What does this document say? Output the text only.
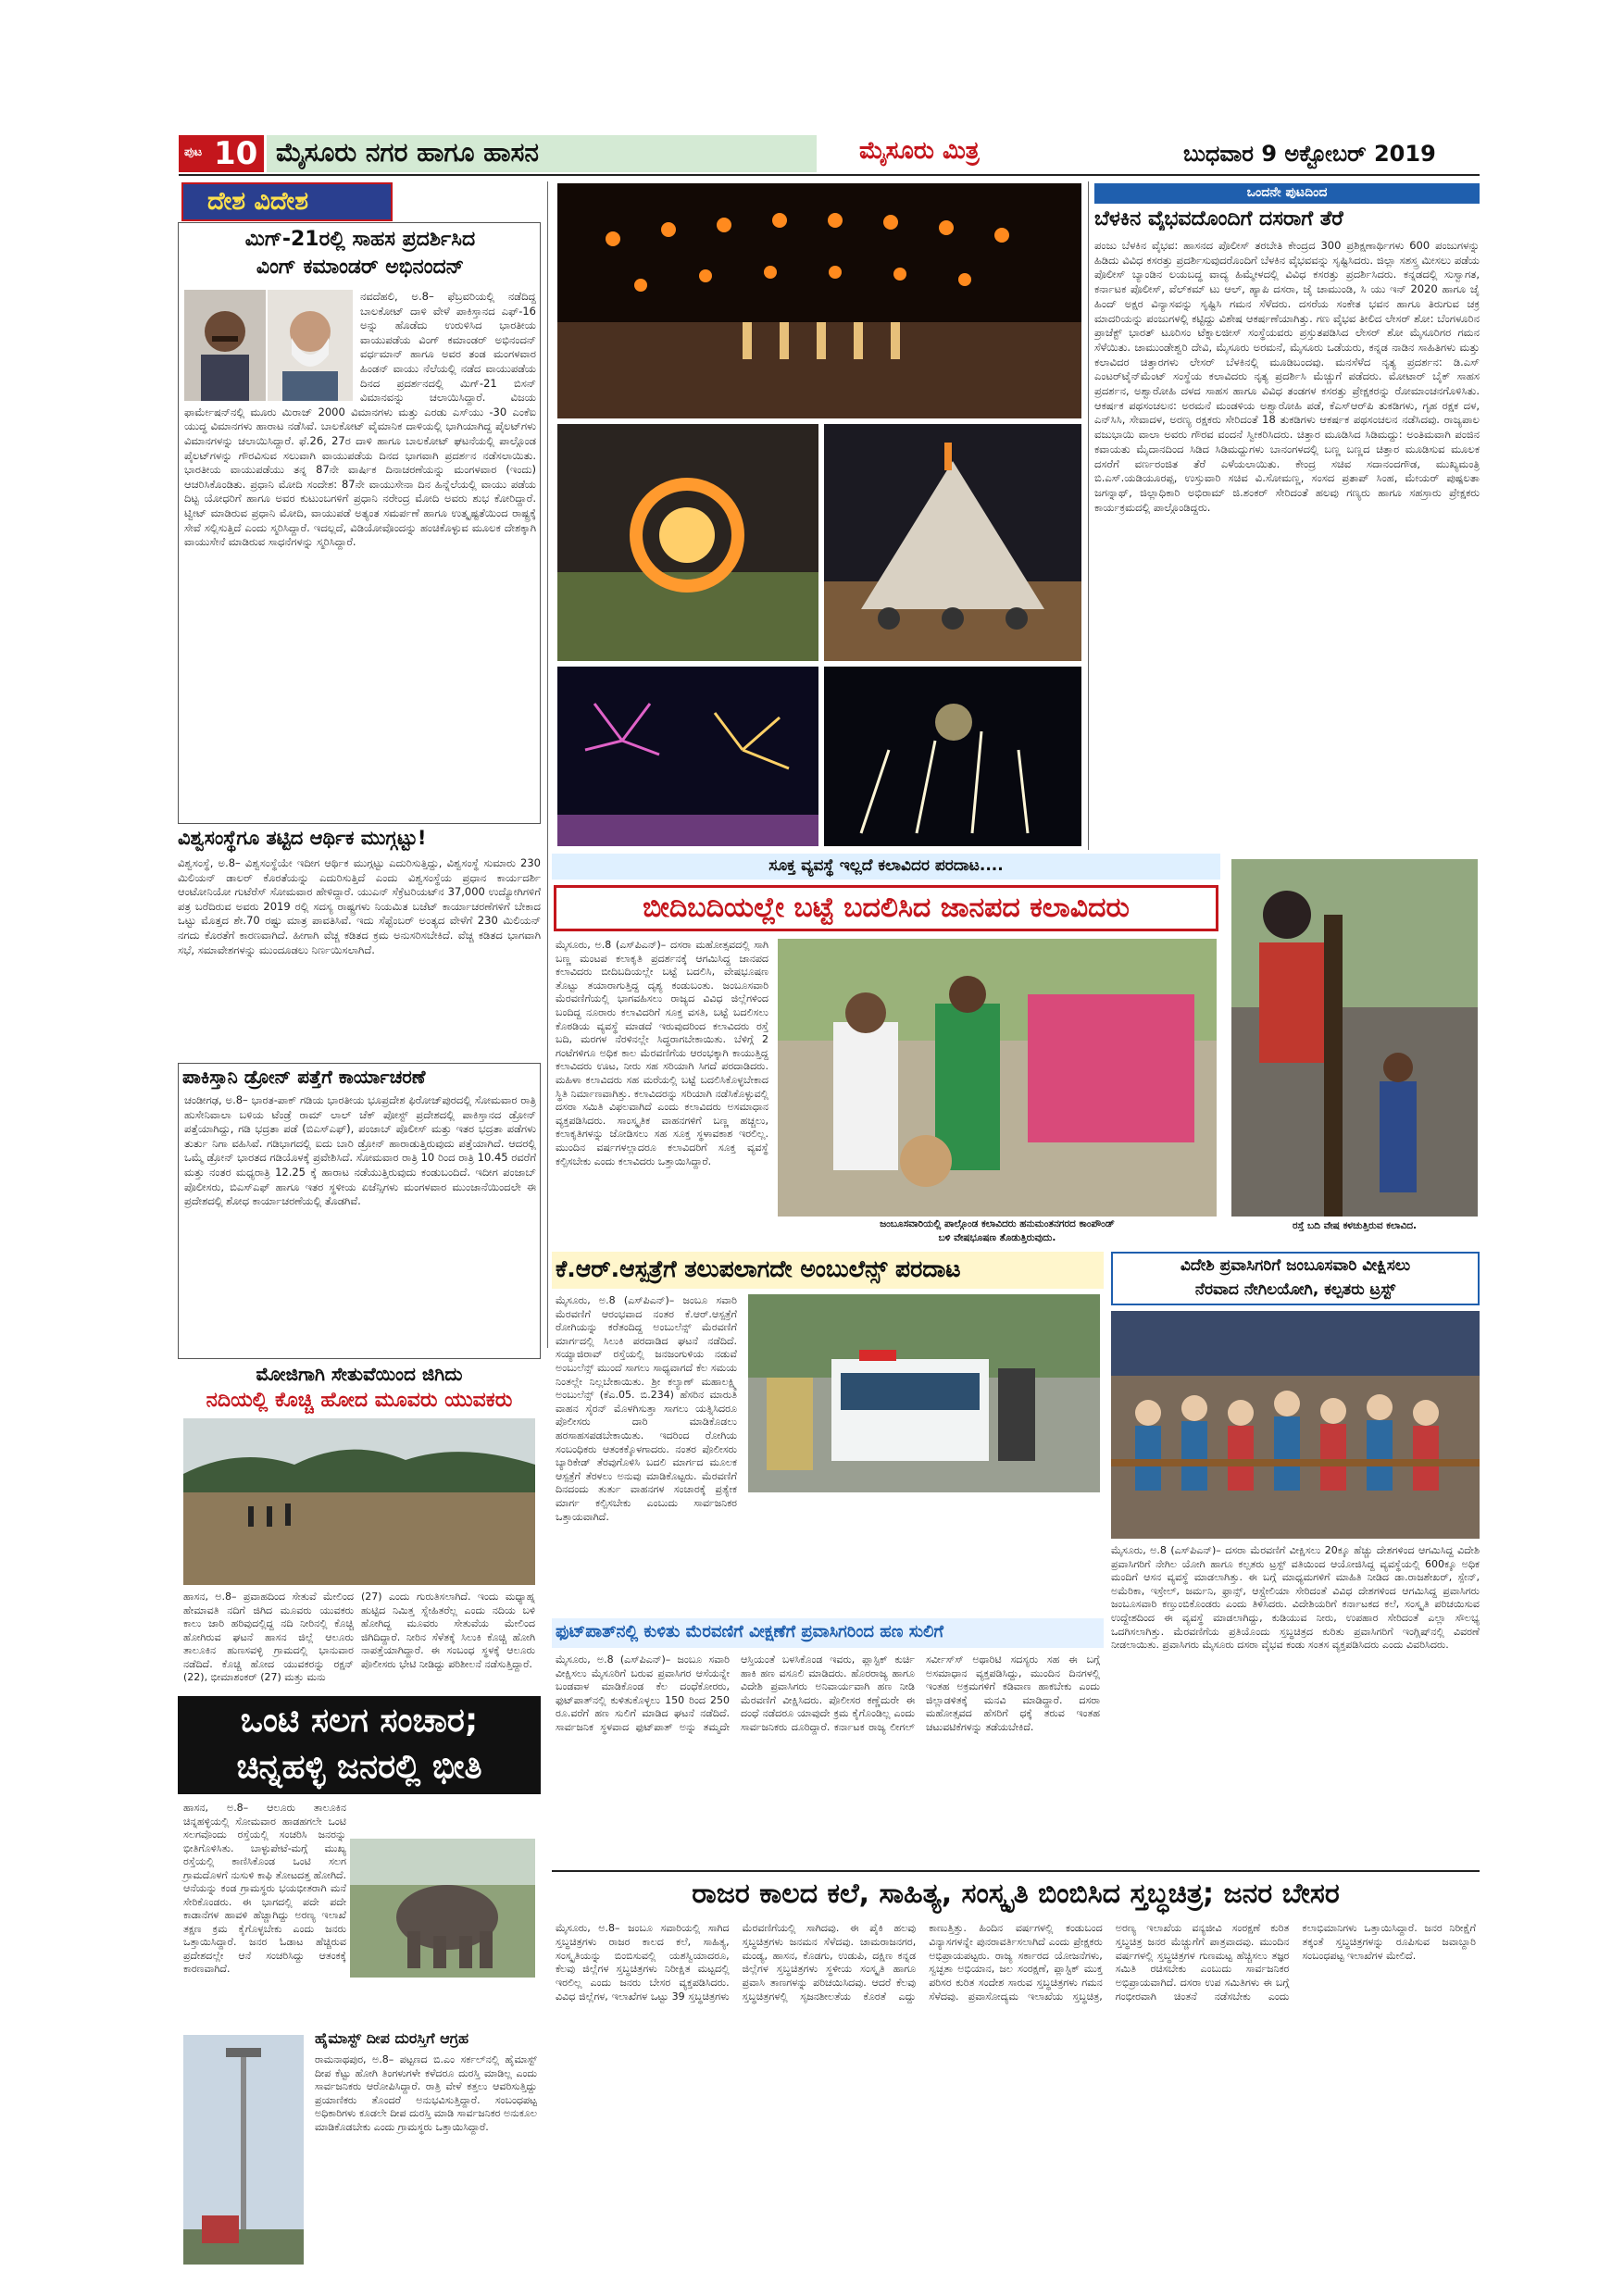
ಪುಟ 10 ಮೈಸೂರು ನಗರ ಹಾಗೂ ಹಾಸನ	ಮೈಸೂರು ಮಿತ್ರ	ಬುಧವಾರ 9 ಅಕ್ಟೋಬರ್ 2019
ದೇಶ ವಿದೇಶ
ಮಿಗ್-21ರಲ್ಲಿ ಸಾಹಸ ಪ್ರದರ್ಶಿಸಿದ
ವಿಂಗ್ ಕಮಾಂಡರ್ ಅಭಿನಂದನ್
ನವದೆಹಲಿ, ಅ.8– ಫೆಬ್ರವರಿಯಲ್ಲಿ ನಡೆದಿದ್ದ ಬಾಲಕೋಟ್ ದಾಳಿ ವೇಳೆ ಪಾಕಿಸ್ತಾನದ ಎಫ್-16 ಅನ್ನು ಹೊಡೆದು ಉರುಳಿಸಿದ ಭಾರತೀಯ ವಾಯುಪಡೆಯ ವಿಂಗ್ ಕಮಾಂಡರ್ ಅಭಿನಂದನ್ ವರ್ಧಮಾನ್ ಹಾಗೂ ಅವರ ತಂಡ ಮಂಗಳವಾರ ಹಿಂಡನ್ ವಾಯು ನೆಲೆಯಲ್ಲಿ ನಡೆದ ವಾಯುಪಡೆಯ ದಿನದ ಪ್ರದರ್ಶನದಲ್ಲಿ ಮಿಗ್-21 ಬಿಸನ್ ವಿಮಾನವನ್ನು ಚಲಾಯಿಸಿದ್ದಾರೆ. ವಿಜಯ ಫಾರ್ಮೇಷನ್‌ನಲ್ಲಿ ಮೂರು ಮಿರಾಜ್ 2000 ವಿಮಾನಗಳು ಮತ್ತು ಎರಡು ಎಸ್‌ಯು -30 ಎಂಕೆಐ ಯುದ್ಧ ವಿಮಾನಗಳು ಹಾರಾಟ ನಡೆಸಿವೆ. ಬಾಲಕೋಟ್ ವೈಮಾನಿಕ ದಾಳಿಯಲ್ಲಿ ಭಾಗಿಯಾಗಿದ್ದ ಪೈಲಟ್‌ಗಳು ವಿಮಾನಗಳನ್ನು ಚಲಾಯಿಸಿದ್ದಾರೆ. ಫೆ.26, 27ರ ದಾಳಿ ಹಾಗೂ ಬಾಲಕೋಟ್ ಘಟನೆಯಲ್ಲಿ ಪಾಲ್ಗೊಂಡ ಪೈಲಟ್‌ಗಳನ್ನು ಗೌರವಿಸುವ ಸಲುವಾಗಿ ವಾಯುಪಡೆಯ ದಿನದ ಭಾಗವಾಗಿ ಪ್ರದರ್ಶನ ನಡೆಸಲಾಯಿತು. ಭಾರತೀಯ ವಾಯುಪಡೆಯು ತನ್ನ 87ನೇ ವಾರ್ಷಿಕ ದಿನಾಚರಣೆಯನ್ನು ಮಂಗಳವಾರ (ಇಂದು) ಆಚರಿಸಿಕೊಂಡಿತು. ಪ್ರಧಾನಿ ಮೋದಿ ಸಂದೇಶ: 87ನೇ ವಾಯುಸೇನಾ ದಿನ ಹಿನ್ನೆಲೆಯಲ್ಲಿ ವಾಯು ಪಡೆಯ ದಿಟ್ಟ ಯೋಧರಿಗೆ ಹಾಗೂ ಅವರ ಕುಟುಂಬಗಳಿಗೆ ಪ್ರಧಾನಿ ನರೇಂದ್ರ ಮೋದಿ ಅವರು ಶುಭ ಕೋರಿದ್ದಾರೆ. ಟ್ವೀಟ್ ಮಾಡಿರುವ ಪ್ರಧಾನಿ ಮೋದಿ, ವಾಯುಪಡೆ ಅತ್ಯಂತ ಸಮರ್ಪಣೆ ಹಾಗೂ ಉತ್ಕೃಷ್ಟತೆಯಿಂದ ರಾಷ್ಟ್ರಕ್ಕೆ ಸೇವೆ ಸಲ್ಲಿಸುತ್ತಿದೆ ಎಂದು ಸ್ಮರಿಸಿದ್ದಾರೆ. ಇದಲ್ಲದೆ, ವಿಡಿಯೋವೊಂದನ್ನು ಹಂಚಿಕೊಳ್ಳುವ ಮೂಲಕ ದೇಶಕ್ಕಾಗಿ ವಾಯುಸೇನೆ ಮಾಡಿರುವ ಸಾಧನೆಗಳನ್ನು ಸ್ಮರಿಸಿದ್ದಾರೆ.
ವಿಶ್ವಸಂಸ್ಥೆಗೂ ತಟ್ಟಿದ ಆರ್ಥಿಕ ಮುಗ್ಗಟ್ಟು!
ವಿಶ್ವಸಂಸ್ಥೆ, ಅ.8– ವಿಶ್ವಸಂಸ್ಥೆಯೇ ಇದೀಗ ಆರ್ಥಿಕ ಮುಗ್ಗಟ್ಟು ಎದುರಿಸುತ್ತಿದ್ದು, ವಿಶ್ವಸಂಸ್ಥೆ ಸುಮಾರು 230 ಮಿಲಿಯನ್ ಡಾಲರ್ ಕೊರತೆಯನ್ನು ಎದುರಿಸುತ್ತಿದೆ ಎಂದು ವಿಶ್ವಸಂಸ್ಥೆಯ ಪ್ರಧಾನ ಕಾರ್ಯದರ್ಶಿ ಆಂಟೋನಿಯೋ ಗುಟೆರೆಸ್ ಸೋಮವಾರ ಹೇಳಿದ್ದಾರೆ. ಯುಎನ್ ಸೆಕ್ರೆಟರಿಯಟ್‌ನ 37,000 ಉದ್ಯೋಗಿಗಳಿಗೆ ಪತ್ರ ಬರೆದಿರುವ ಅವರು 2019 ರಲ್ಲಿ ಸದಸ್ಯ ರಾಷ್ಟ್ರಗಳು ನಿಯಮಿತ ಬಜೆಟ್ ಕಾರ್ಯಾಚರಣೆಗಳಿಗೆ ಬೇಕಾದ ಒಟ್ಟು ಮೊತ್ತದ ಶೇ.70 ರಷ್ಟು ಮಾತ್ರ ಪಾವತಿಸಿವೆ. ಇದು ಸೆಪ್ಟೆಂಬರ್ ಅಂತ್ಯದ ವೇಳೆಗೆ 230 ಮಿಲಿಯನ್ ನಗದು ಕೊರತೆಗೆ ಕಾರಣವಾಗಿದೆ. ಹೀಗಾಗಿ ವೆಚ್ಚ ಕಡಿತದ ಕ್ರಮ ಅನುಸರಿಸಬೇಕಿದೆ. ವೆಚ್ಚ ಕಡಿತದ ಭಾಗವಾಗಿ ಸಭೆ, ಸಮಾವೇಶಗಳನ್ನು ಮುಂದೂಡಲು ನಿರ್ಣಯಿಸಲಾಗಿದೆ.
ಪಾಕಿಸ್ತಾನಿ ಡ್ರೋನ್ ಪತ್ತೆಗೆ ಕಾರ್ಯಾಚರಣೆ
ಚಂಡೀಗಢ, ಅ.8– ಭಾರತ-ಪಾಕ್ ಗಡಿಯ ಭಾರತೀಯ ಭೂಪ್ರದೇಶ ಫಿರೋಜ್‌ಪುರದಲ್ಲಿ ಸೋಮವಾರ ರಾತ್ರಿ ಹುಸೇನಿವಾಲಾ ಬಳಿಯ ಟೆಂಡ್ರೆ ರಾಮ್ ಲಾಲ್ ಚೆಕ್ ಪೋಸ್ಟ್ ಪ್ರದೇಶದಲ್ಲಿ ಪಾಕಿಸ್ತಾನದ ಡ್ರೋನ್ ಪತ್ತೆಯಾಗಿದ್ದು, ಗಡಿ ಭದ್ರತಾ ಪಡೆ (ಬಿಎಸ್‌ಎಫ್), ಪಂಜಾಬ್ ಪೊಲೀಸ್ ಮತ್ತು ಇತರ ಭದ್ರತಾ ಪಡೆಗಳು ತುರ್ತು ನಿಗಾ ವಹಿಸಿವೆ. ಗಡಿಭಾಗದಲ್ಲಿ ಐದು ಬಾರಿ ಡ್ರೋನ್ ಹಾರಾಡುತ್ತಿರುವುದು ಪತ್ತೆಯಾಗಿದೆ. ಆದರಲ್ಲಿ ಒಮ್ಮೆ ಡ್ರೋನ್ ಭಾರತದ ಗಡಿಯೊಳಕ್ಕೆ ಪ್ರವೇಶಿಸಿದೆ. ಸೋಮವಾರ ರಾತ್ರಿ 10 ರಿಂದ ರಾತ್ರಿ 10.45 ರವರೆಗೆ ಮತ್ತು ನಂತರ ಮಧ್ಯರಾತ್ರಿ 12.25 ಕ್ಕೆ ಹಾರಾಟ ನಡೆಯುತ್ತಿರುವುದು ಕಂಡುಬಂದಿದೆ. ಇದೀಗ ಪಂಜಾಬ್ ಪೊಲೀಸರು, ಬಿಎಸ್‌ಎಫ್ ಹಾಗೂ ಇತರ ಸ್ಥಳೀಯ ಏಜೆನ್ಸಿಗಳು ಮಂಗಳವಾರ ಮುಂಜಾನೆಯಿಂದಲೇ ಈ ಪ್ರದೇಶದಲ್ಲಿ ಶೋಧ ಕಾರ್ಯಾಚರಣೆಯಲ್ಲಿ ತೊಡಗಿವೆ.
ಮೋಜಿಗಾಗಿ ಸೇತುವೆಯಿಂದ ಜಿಗಿದು
ನದಿಯಲ್ಲಿ ಕೊಚ್ಚಿ ಹೋದ ಮೂವರು ಯುವಕರು
ಹಾಸನ, ಅ.8– ಪ್ರವಾಹದಿಂದ ಸೇತುವೆ ಮೇಲಿಂದ ಹೇಮಾವತಿ ನದಿಗೆ ಜಿಗಿದ ಮೂವರು ಯುವಕರು ಕಾಲು ಜಾರಿ ಹರಿವುದಲ್ಲಿದ್ದ ನದಿ ನೀರಿನಲ್ಲಿ ಕೊಚ್ಚಿ ಹೋಗಿರುವ ಘಟನೆ ಹಾಸನ ಜಿಲ್ಲೆ ಆಲೂರು ತಾಲೂಕಿನ ಹುಣಸವಳ್ಳಿ ಗ್ರಾಮದಲ್ಲಿ ಭಾನುವಾರ ನಡೆದಿದೆ. ಕೊಚ್ಚಿ ಹೋದ ಯುವಕರನ್ನು ರಕ್ಷನ್ (22), ಭೀಮಾಶಂಕರ್ (27) ಮತ್ತು ಮನು
(27) ಎಂದು ಗುರುತಿಸಲಾಗಿದೆ. ಇಂದು ಮಧ್ಯಾಹ್ನ ಹುಟ್ಟಿದ ನಿಮಿತ್ತ ಸ್ನೇಹಿತರೆಲ್ಲ ಎಂದು ನದಿಯ ಬಳಿ ಹೋಗಿದ್ದ ಮೂವರು ಸೇತುವೆಯ ಮೇಲಿಂದ ಜಿಗಿದಿದ್ದಾರೆ. ನೀರಿನ ಸೆಳೆತಕ್ಕೆ ಸಿಲುಕಿ ಕೊಚ್ಚಿ ಹೋಗಿ ನಾಪತ್ತೆಯಾಗಿದ್ದಾರೆ. ಈ ಸಂಬಂಧ ಸ್ಥಳಕ್ಕೆ ಆಲೂರು ಪೊಲೀಸರು ಭೇಟಿ ನೀಡಿದ್ದು ಪರಿಶೀಲನೆ ನಡೆಸುತ್ತಿದ್ದಾರೆ.
ಒಂಟಿ ಸಲಗ ಸಂಚಾರ;
ಚಿನ್ನಹಳ್ಳಿ ಜನರಲ್ಲಿ ಭೀತಿ
ಹಾಸನ, ಅ.8– ಆಲೂರು ತಾಲೂಕಿನ ಚಿನ್ನಹಳ್ಳಿಯಲ್ಲಿ ಸೋಮವಾರ ಹಾಡಹಗಲೇ ಒಂಟಿ ಸಲಗವೊಂದು ರಸ್ತೆಯಲ್ಲಿ ಸಂಚರಿಸಿ ಜನರನ್ನು ಭೀತಿಗೊಳಿಸಿತು. ಬಾಳ್ಳುಪೇಟೆ-ಮಗ್ಗೆ ಮುಖ್ಯ ರಸ್ತೆಯಲ್ಲಿ ಕಾಣಿಸಿಕೊಂಡ ಒಂಟಿ ಸಲಗ ಗ್ರಾಮದೊಳಗೆ ನುಸುಳಿ ಕಾಫಿ ತೋಟದತ್ತ ಹೋಗಿದೆ. ಆನೆಯನ್ನು ಕಂಡ ಗ್ರಾಮಸ್ಥರು ಭಯಭೀತರಾಗಿ ಮನೆ ಸೇರಿಕೊಂಡರು. ಈ ಭಾಗದಲ್ಲಿ ಪದೇ ಪದೇ ಕಾಡಾನೆಗಳ ಹಾವಳಿ ಹೆಚ್ಚಾಗಿದ್ದು ಅರಣ್ಯ ಇಲಾಖೆ ತಕ್ಷಣ ಕ್ರಮ ಕೈಗೊಳ್ಳಬೇಕು ಎಂದು ಜನರು ಒತ್ತಾಯಿಸಿದ್ದಾರೆ. ಜನರ ಓಡಾಟ ಹೆಚ್ಚಿರುವ ಪ್ರದೇಶದಲ್ಲೇ ಆನೆ ಸಂಚರಿಸಿದ್ದು ಆತಂಕಕ್ಕೆ ಕಾರಣವಾಗಿದೆ.
ಹೈಮಾಸ್ಟ್ ದೀಪ ದುರಸ್ತಿಗೆ ಆಗ್ರಹ
ರಾಮನಾಥಪುರ, ಅ.8– ಪಟ್ಟಣದ ಬಿ.ಎಂ ಸರ್ಕಲ್‌ನಲ್ಲಿ ಹೈಮಾಸ್ಟ್ ದೀಪ ಕೆಟ್ಟು ಹೋಗಿ ತಿಂಗಳುಗಳೇ ಕಳೆದರೂ ದುರಸ್ತಿ ಮಾಡಿಲ್ಲ ಎಂದು ಸಾರ್ವಜನಿಕರು ಆರೋಪಿಸಿದ್ದಾರೆ. ರಾತ್ರಿ ವೇಳೆ ಕತ್ತಲು ಆವರಿಸುತ್ತಿದ್ದು ಪ್ರಯಾಣಿಕರು ತೊಂದರೆ ಅನುಭವಿಸುತ್ತಿದ್ದಾರೆ. ಸಂಬಂಧಪಟ್ಟ ಅಧಿಕಾರಿಗಳು ಕೂಡಲೇ ದೀಪ ದುರಸ್ತಿ ಮಾಡಿ ಸಾರ್ವಜನಿಕರ ಅನುಕೂಲ ಮಾಡಿಕೊಡಬೇಕು ಎಂದು ಗ್ರಾಮಸ್ಥರು ಒತ್ತಾಯಿಸಿದ್ದಾರೆ.
ಒಂದನೇ ಪುಟದಿಂದ
ಬೆಳಕಿನ ವೈಭವದೊಂದಿಗೆ ದಸರಾಗೆ ತೆರೆ
ಪಂಜು ಬೆಳಕಿನ ವೈಭವ: ಹಾಸನದ ಪೊಲೀಸ್ ತರಬೇತಿ ಕೇಂದ್ರದ 300 ಪ್ರಶಿಕ್ಷಣಾರ್ಥಿಗಳು 600 ಪಂಜುಗಳನ್ನು ಹಿಡಿದು ವಿವಿಧ ಕಸರತ್ತು ಪ್ರದರ್ಶಿಸುವುದರೊಂದಿಗೆ ಬೆಳಕಿನ ವೈಭವವನ್ನು ಸೃಷ್ಟಿಸಿದರು. ಜಿಲ್ಲಾ ಸಶಸ್ತ್ರ ಮೀಸಲು ಪಡೆಯ ಪೊಲೀಸ್ ಬ್ಯಾಂಡಿನ ಲಯಬದ್ಧ ವಾದ್ಯ ಹಿಮ್ಮೇಳದಲ್ಲಿ ವಿವಿಧ ಕಸರತ್ತು ಪ್ರದರ್ಶಿಸಿದರು. ಕನ್ನಡದಲ್ಲಿ ಸುಸ್ವಾಗತ, ಕರ್ನಾಟಕ ಪೊಲೀಸ್, ವೆಲ್‌ಕಮ್ ಟು ಆಲ್, ಹ್ಯಾಪಿ ದಸರಾ, ಜೈ ಚಾಮುಂಡಿ, ಸಿ ಯು ಇನ್ 2020 ಹಾಗೂ ಜೈ ಹಿಂದ್ ಅಕ್ಷರ ವಿನ್ಯಾಸವನ್ನು ಸೃಷ್ಟಿಸಿ ಗಮನ ಸೆಳೆದರು. ದಸರೆಯ ಸಂಕೇತ ಭವನ ಹಾಗೂ ತಿರುಗುವ ಚಕ್ರ ಮಾದರಿಯನ್ನು ಪಂಜುಗಳಲ್ಲಿ ಕಟ್ಟಿದ್ದು ವಿಶೇಷ ಆಕರ್ಷಣೆಯಾಗಿತ್ತು. ಗಣ ವೈಭವ ತೀಲಿದ ಲೇಸರ್ ಶೋ: ಬೆಂಗಳೂರಿನ ಪ್ರಾಜೆಕ್ಟ್ ಭಾರತ್ ಟೂರಿಸಂ ಟೆಕ್ನಾಲಜೀಸ್ ಸಂಸ್ಥೆಯವರು ಪ್ರಸ್ತುತಪಡಿಸಿದ ಲೇಸರ್ ಶೋ ಮೈಸೂರಿಗರ ಗಮನ ಸೆಳೆಯಿತು. ಚಾಮುಂಡೇಶ್ವರಿ ದೇವಿ, ಮೈಸೂರು ಅರಮನೆ, ಮೈಸೂರು ಒಡೆಯರು, ಕನ್ನಡ ನಾಡಿನ ಸಾಹಿತಿಗಳು ಮತ್ತು ಕಲಾವಿದರ ಚಿತ್ತಾರಗಳು ಲೇಸರ್ ಬೆಳಕಿನಲ್ಲಿ ಮೂಡಿಬಂದವು. ಮನಸೆಳೆದ ನೃತ್ಯ ಪ್ರದರ್ಶನ: ಡಿ.ಎಸ್ ಎಂಟರ್‌ಟೈನ್‌ಮೆಂಟ್ ಸಂಸ್ಥೆಯ ಕಲಾವಿದರು ನೃತ್ಯ ಪ್ರದರ್ಶಿಸಿ ಮೆಚ್ಚುಗೆ ಪಡೆದರು. ಮೋಟಾರ್ ಬೈಕ್ ಸಾಹಸ ಪ್ರದರ್ಶನ, ಅಶ್ವಾರೋಹಿ ದಳದ ಸಾಹಸ ಹಾಗೂ ವಿವಿಧ ತಂಡಗಳ ಕಸರತ್ತು ಪ್ರೇಕ್ಷಕರನ್ನು ರೋಮಾಂಚನಗೊಳಿಸಿತು. ಆಕರ್ಷಕ ಪಥಸಂಚಲನ: ಅರಮನೆ ಮಂಡಳಿಯ ಅಶ್ವಾರೋಹಿ ಪಡೆ, ಕೆಎಸ್‌ಆರ್‌ಪಿ ತುಕಡಿಗಳು, ಗೃಹ ರಕ್ಷಕ ದಳ, ಎನ್‌ಸಿಸಿ, ಸೇವಾದಳ, ಅರಣ್ಯ ರಕ್ಷಕರು ಸೇರಿದಂತೆ 18 ತುಕಡಿಗಳು ಆಕರ್ಷಕ ಪಥಸಂಚಲನ ನಡೆಸಿದವು. ರಾಜ್ಯಪಾಲ ವಜುಭಾಯಿ ವಾಲಾ ಅವರು ಗೌರವ ವಂದನೆ ಸ್ವೀಕರಿಸಿದರು. ಚಿತ್ತಾರ ಮೂಡಿಸಿದ ಸಿಡಿಮದ್ದು: ಅಂತಿಮವಾಗಿ ಪಂಜಿನ ಕವಾಯತು ಮೈದಾನದಿಂದ ಸಿಡಿದ ಸಿಡಿಮದ್ದುಗಳು ಬಾನಂಗಳದಲ್ಲಿ ಬಣ್ಣ ಬಣ್ಣದ ಚಿತ್ತಾರ ಮೂಡಿಸುವ ಮೂಲಕ ದಸರೆಗೆ ವರ್ಣರಂಜಿತ ತೆರೆ ಎಳೆಯಲಾಯಿತು. ಕೇಂದ್ರ ಸಚಿವ ಸದಾನಂದಗೌಡ, ಮುಖ್ಯಮಂತ್ರಿ ಬಿ.ಎಸ್.ಯಡಿಯೂರಪ್ಪ, ಉಸ್ತುವಾರಿ ಸಚಿವ ವಿ.ಸೋಮಣ್ಣ, ಸಂಸದ ಪ್ರತಾಪ್ ಸಿಂಹ, ಮೇಯರ್ ಪುಷ್ಪಲತಾ ಜಗನ್ನಾಥ್, ಜಿಲ್ಲಾಧಿಕಾರಿ ಅಭಿರಾಮ್ ಜಿ.ಶಂಕರ್ ಸೇರಿದಂತೆ ಹಲವು ಗಣ್ಯರು ಹಾಗೂ ಸಹಸ್ರಾರು ಪ್ರೇಕ್ಷಕರು ಕಾರ್ಯಕ್ರಮದಲ್ಲಿ ಪಾಲ್ಗೊಂಡಿದ್ದರು.
ಸೂಕ್ತ ವ್ಯವಸ್ಥೆ ಇಲ್ಲದೆ ಕಲಾವಿದರ ಪರದಾಟ....
ಬೀದಿಬದಿಯಲ್ಲೇ ಬಟ್ಟೆ ಬದಲಿಸಿದ ಜಾನಪದ ಕಲಾವಿದರು
ಮೈಸೂರು, ಅ.8 (ಎಸ್‌ಪಿಎನ್)– ದಸರಾ ಮಹೋತ್ಸವದಲ್ಲಿ ಸಾಗಿ ಬಣ್ಣ ಮಂಟಪ ಕಲಾಕೃತಿ ಪ್ರದರ್ಶನಕ್ಕೆ ಆಗಮಿಸಿದ್ದ ಜಾನಪದ ಕಲಾವಿದರು ಬೀದಿಬದಿಯಲ್ಲೇ ಬಟ್ಟೆ ಬದಲಿಸಿ, ವೇಷಭೂಷಣ ತೊಟ್ಟು ತಯಾರಾಗುತ್ತಿದ್ದ ದೃಶ್ಯ ಕಂಡುಬಂತು. ಜಂಬೂಸವಾರಿ ಮೆರವಣಿಗೆಯಲ್ಲಿ ಭಾಗವಹಿಸಲು ರಾಜ್ಯದ ವಿವಿಧ ಜಿಲ್ಲೆಗಳಿಂದ ಬಂದಿದ್ದ ನೂರಾರು ಕಲಾವಿದರಿಗೆ ಸೂಕ್ತ ವಸತಿ, ಬಟ್ಟೆ ಬದಲಿಸಲು ಕೊಠಡಿಯ ವ್ಯವಸ್ಥೆ ಮಾಡದೆ ಇರುವುದರಿಂದ ಕಲಾವಿದರು ರಸ್ತೆ ಬದಿ, ಮರಗಳ ನೆರಳಿನಲ್ಲೇ ಸಿದ್ಧರಾಗಬೇಕಾಯಿತು. ಬೆಳಿಗ್ಗೆ 2 ಗಂಟೆಗಳಿಗೂ ಅಧಿಕ ಕಾಲ ಮೆರವಣಿಗೆಯ ಆರಂಭಕ್ಕಾಗಿ ಕಾಯುತ್ತಿದ್ದ ಕಲಾವಿದರು ಊಟ, ನೀರು ಸಹ ಸರಿಯಾಗಿ ಸಿಗದೆ ಪರದಾಡಿದರು. ಮಹಿಳಾ ಕಲಾವಿದರು ಸಹ ಮರೆಯಲ್ಲಿ ಬಟ್ಟೆ ಬದಲಿಸಿಕೊಳ್ಳಬೇಕಾದ ಸ್ಥಿತಿ ನಿರ್ಮಾಣವಾಗಿತ್ತು. ಕಲಾವಿದರನ್ನು ಸರಿಯಾಗಿ ನಡೆಸಿಕೊಳ್ಳುವಲ್ಲಿ ದಸರಾ ಸಮಿತಿ ವಿಫಲವಾಗಿದೆ ಎಂದು ಕಲಾವಿದರು ಅಸಮಾಧಾನ ವ್ಯಕ್ತಪಡಿಸಿದರು. ಸಾಂಸ್ಕೃತಿಕ ವಾಹನಗಳಿಗೆ ಬಣ್ಣ ಹಚ್ಚಲು, ಕಲಾಕೃತಿಗಳನ್ನು ಜೋಡಿಸಲು ಸಹ ಸೂಕ್ತ ಸ್ಥಳಾವಕಾಶ ಇರಲಿಲ್ಲ. ಮುಂದಿನ ವರ್ಷಗಳಲ್ಲಾದರೂ ಕಲಾವಿದರಿಗೆ ಸೂಕ್ತ ವ್ಯವಸ್ಥೆ ಕಲ್ಪಿಸಬೇಕು ಎಂದು ಕಲಾವಿದರು ಒತ್ತಾಯಿಸಿದ್ದಾರೆ.
ಜಂಬೂಸವಾರಿಯಲ್ಲಿ ಪಾಲ್ಗೊಂಡ ಕಲಾವಿದರು ಹನುಮಂತನಗರದ ಕಾಂಪೌಂಡ್
ಬಳಿ ವೇಷಭೂಷಣ ತೊಡುತ್ತಿರುವುದು.
ರಸ್ತೆ ಬದಿ ವೇಷ ಕಳಚುತ್ತಿರುವ ಕಲಾವಿದ.
ಕೆ.ಆರ್.ಆಸ್ಪತ್ರೆಗೆ ತಲುಪಲಾಗದೇ ಅಂಬುಲೆನ್ಸ್ ಪರದಾಟ
ಮೈಸೂರು, ಅ.8 (ಎಸ್‌ಪಿಎನ್)– ಜಂಬೂ ಸವಾರಿ ಮೆರವಣಿಗೆ ಆರಂಭವಾದ ನಂತರ ಕೆ.ಆರ್.ಆಸ್ಪತ್ರೆಗೆ ರೋಗಿಯನ್ನು ಕರೆತಂದಿದ್ದ ಅಂಬುಲೆನ್ಸ್ ಮೆರವಣಿಗೆ ಮಾರ್ಗದಲ್ಲಿ ಸಿಲುಕಿ ಪರದಾಡಿದ ಘಟನೆ ನಡೆದಿದೆ. ಸಯ್ಯಾಜಿರಾವ್ ರಸ್ತೆಯಲ್ಲಿ ಜನಜಂಗುಳಿಯ ನಡುವೆ ಅಂಬುಲೆನ್ಸ್ ಮುಂದೆ ಸಾಗಲು ಸಾಧ್ಯವಾಗದೆ ಕೆಲ ಸಮಯ ನಿಂತಲ್ಲೇ ನಿಲ್ಲಬೇಕಾಯಿತು. ಶ್ರೀ ಕಲ್ಯಾಣ್ ಮಹಾಲಕ್ಷ್ಮಿ ಅಂಬುಲೆನ್ಸ್ (ಕೆಎ.05. ಬಿ.234) ಹೆಸರಿನ ಮಾರುತಿ ವಾಹನ ಸೈರನ್ ಮೊಳಗಿಸುತ್ತಾ ಸಾಗಲು ಯತ್ನಿಸಿದರೂ ಪೊಲೀಸರು ದಾರಿ ಮಾಡಿಕೊಡಲು ಹರಸಾಹಸಪಡಬೇಕಾಯಿತು. ಇದರಿಂದ ರೋಗಿಯ ಸಂಬಂಧಿಕರು ಆತಂಕಕ್ಕೊಳಗಾದರು. ನಂತರ ಪೊಲೀಸರು ಬ್ಯಾರಿಕೇಡ್ ತೆರವುಗೊಳಿಸಿ ಬದಲಿ ಮಾರ್ಗದ ಮೂಲಕ ಆಸ್ಪತ್ರೆಗೆ ತೆರಳಲು ಅನುವು ಮಾಡಿಕೊಟ್ಟರು. ಮೆರವಣಿಗೆ ದಿನದಂದು ತುರ್ತು ವಾಹನಗಳ ಸಂಚಾರಕ್ಕೆ ಪ್ರತ್ಯೇಕ ಮಾರ್ಗ ಕಲ್ಪಿಸಬೇಕು ಎಂಬುದು ಸಾರ್ವಜನಿಕರ ಒತ್ತಾಯವಾಗಿದೆ.
ಫುಟ್‌ಪಾತ್‌ನಲ್ಲಿ ಕುಳಿತು ಮೆರವಣಿಗೆ ವೀಕ್ಷಣೆಗೆ ಪ್ರವಾಸಿಗರಿಂದ ಹಣ ಸುಲಿಗೆ
ಮೈಸೂರು, ಅ.8 (ಎಸ್‌ಪಿಎನ್)– ಜಂಬೂ ಸವಾರಿ ವೀಕ್ಷಿಸಲು ಮೈಸೂರಿಗೆ ಬರುವ ಪ್ರವಾಸಿಗರ ಆಸೆಯನ್ನೇ ಬಂಡವಾಳ ಮಾಡಿಕೊಂಡ ಕೆಲ ದಂಧೆಕೋರರು, ಫುಟ್‌ಪಾತ್‌ನಲ್ಲಿ ಕುಳಿತುಕೊಳ್ಳಲು 150 ರಿಂದ 250 ರೂ.ವರೆಗೆ ಹಣ ಸುಲಿಗೆ ಮಾಡಿದ ಘಟನೆ ನಡೆದಿದೆ. ಸಾರ್ವಜನಿಕ ಸ್ಥಳವಾದ ಫುಟ್‌ಪಾತ್ ಅನ್ನು ತಮ್ಮದೇ ಆಸ್ತಿಯಂತೆ ಬಳಸಿಕೊಂಡ ಇವರು, ಪ್ಲಾಸ್ಟಿಕ್ ಕುರ್ಚಿ ಹಾಕಿ ಹಣ ವಸೂಲಿ ಮಾಡಿದರು. ಹೊರರಾಜ್ಯ ಹಾಗೂ ವಿದೇಶಿ ಪ್ರವಾಸಿಗರು ಅನಿವಾರ್ಯವಾಗಿ ಹಣ ನೀಡಿ ಮೆರವಣಿಗೆ ವೀಕ್ಷಿಸಿದರು. ಪೊಲೀಸರ ಕಣ್ಣೆದುರೇ ಈ ದಂಧೆ ನಡೆದರೂ ಯಾವುದೇ ಕ್ರಮ ಕೈಗೊಂಡಿಲ್ಲ ಎಂದು ಸಾರ್ವಜನಿಕರು ದೂರಿದ್ದಾರೆ. ಕರ್ನಾಟಕ ರಾಜ್ಯ ಲೀಗಲ್ ಸರ್ವೀಸ್‌ಸ್ ಅಥಾರಿಟಿ ಸದಸ್ಯರು ಸಹ ಈ ಬಗ್ಗೆ ಅಸಮಾಧಾನ ವ್ಯಕ್ತಪಡಿಸಿದ್ದು, ಮುಂದಿನ ದಿನಗಳಲ್ಲಿ ಇಂತಹ ಅಕ್ರಮಗಳಿಗೆ ಕಡಿವಾಣ ಹಾಕಬೇಕು ಎಂದು ಜಿಲ್ಲಾಡಳಿತಕ್ಕೆ ಮನವಿ ಮಾಡಿದ್ದಾರೆ. ದಸರಾ ಮಹೋತ್ಸವದ ಹೆಸರಿಗೆ ಧಕ್ಕೆ ತರುವ ಇಂತಹ ಚಟುವಟಿಕೆಗಳನ್ನು ತಡೆಯಬೇಕಿದೆ.
ವಿದೇಶಿ ಪ್ರವಾಸಿಗರಿಗೆ ಜಂಬೂಸವಾರಿ ವೀಕ್ಷಿಸಲು
ನೆರವಾದ ನೇಗಿಲಯೋಗಿ, ಕಲ್ಪತರು ಟ್ರಸ್ಟ್
ಮೈಸೂರು, ಅ.8 (ಎಸ್‌ಪಿಎನ್)– ದಸರಾ ಮೆರವಣಿಗೆ ವೀಕ್ಷಿಸಲು 20ಕ್ಕೂ ಹೆಚ್ಚು ದೇಶಗಳಿಂದ ಆಗಮಿಸಿದ್ದ ವಿದೇಶಿ ಪ್ರವಾಸಿಗರಿಗೆ ನೇಗಿಲ ಯೋಗಿ ಹಾಗೂ ಕಲ್ಪತರು ಟ್ರಸ್ಟ್ ವತಿಯಿಂದ ಆಯೋಜಿಸಿದ್ದ ವ್ಯವಸ್ಥೆಯಲ್ಲಿ 600ಕ್ಕೂ ಅಧಿಕ ಮಂದಿಗೆ ಆಸನ ವ್ಯವಸ್ಥೆ ಮಾಡಲಾಗಿತ್ತು. ಈ ಬಗ್ಗೆ ಮಾಧ್ಯಮಗಳಿಗೆ ಮಾಹಿತಿ ನೀಡಿದ ಡಾ.ರಾಜಶೇಖರ್, ಸ್ಪೇನ್, ಅಮೆರಿಕಾ, ಇಸ್ರೇಲ್, ಜರ್ಮನಿ, ಫ್ರಾನ್ಸ್, ಆಸ್ಟ್ರೇಲಿಯಾ ಸೇರಿದಂತೆ ವಿವಿಧ ದೇಶಗಳಿಂದ ಆಗಮಿಸಿದ್ದ ಪ್ರವಾಸಿಗರು ಜಂಬೂಸವಾರಿ ಕಣ್ತುಂಬಿಕೊಂಡರು ಎಂದು ತಿಳಿಸಿದರು. ವಿದೇಶಿಯರಿಗೆ ಕರ್ನಾಟಕದ ಕಲೆ, ಸಂಸ್ಕೃತಿ ಪರಿಚಯಿಸುವ ಉದ್ದೇಶದಿಂದ ಈ ವ್ಯವಸ್ಥೆ ಮಾಡಲಾಗಿದ್ದು, ಕುಡಿಯುವ ನೀರು, ಉಪಹಾರ ಸೇರಿದಂತೆ ಎಲ್ಲಾ ಸೌಲಭ್ಯ ಒದಗಿಸಲಾಗಿತ್ತು. ಮೆರವಣಿಗೆಯ ಪ್ರತಿಯೊಂದು ಸ್ತಬ್ಧಚಿತ್ರದ ಕುರಿತು ಪ್ರವಾಸಿಗರಿಗೆ ಇಂಗ್ಲಿಷ್‌ನಲ್ಲಿ ವಿವರಣೆ ನೀಡಲಾಯಿತು. ಪ್ರವಾಸಿಗರು ಮೈಸೂರು ದಸರಾ ವೈಭವ ಕಂಡು ಸಂತಸ ವ್ಯಕ್ತಪಡಿಸಿದರು ಎಂದು ವಿವರಿಸಿದರು.
ರಾಜರ ಕಾಲದ ಕಲೆ, ಸಾಹಿತ್ಯ, ಸಂಸ್ಕೃತಿ ಬಿಂಬಿಸಿದ ಸ್ತಬ್ಧಚಿತ್ರ; ಜನರ ಬೇಸರ
ಮೈಸೂರು, ಅ.8– ಜಂಬೂ ಸವಾರಿಯಲ್ಲಿ ಸಾಗಿದ ಸ್ತಬ್ಧಚಿತ್ರಗಳು ರಾಜರ ಕಾಲದ ಕಲೆ, ಸಾಹಿತ್ಯ, ಸಂಸ್ಕೃತಿಯನ್ನು ಬಿಂಬಿಸುವಲ್ಲಿ ಯಶಸ್ವಿಯಾದರೂ, ಕೆಲವು ಜಿಲ್ಲೆಗಳ ಸ್ತಬ್ಧಚಿತ್ರಗಳು ನಿರೀಕ್ಷಿತ ಮಟ್ಟದಲ್ಲಿ ಇರಲಿಲ್ಲ ಎಂದು ಜನರು ಬೇಸರ ವ್ಯಕ್ತಪಡಿಸಿದರು. ವಿವಿಧ ಜಿಲ್ಲೆಗಳ, ಇಲಾಖೆಗಳ ಒಟ್ಟು 39 ಸ್ತಬ್ಧಚಿತ್ರಗಳು ಮೆರವಣಿಗೆಯಲ್ಲಿ ಸಾಗಿದವು. ಈ ಪೈಕಿ ಹಲವು ಸ್ತಬ್ಧಚಿತ್ರಗಳು ಜನಮನ ಸೆಳೆದವು. ಚಾಮರಾಜನಗರ, ಮಂಡ್ಯ, ಹಾಸನ, ಕೊಡಗು, ಉಡುಪಿ, ದಕ್ಷಿಣ ಕನ್ನಡ ಜಿಲ್ಲೆಗಳ ಸ್ತಬ್ಧಚಿತ್ರಗಳು ಸ್ಥಳೀಯ ಸಂಸ್ಕೃತಿ ಹಾಗೂ ಪ್ರವಾಸಿ ತಾಣಗಳನ್ನು ಪರಿಚಯಿಸಿದವು. ಆದರೆ ಕೆಲವು ಸ್ತಬ್ಧಚಿತ್ರಗಳಲ್ಲಿ ಸೃಜನಶೀಲತೆಯ ಕೊರತೆ ಎದ್ದು ಕಾಣುತ್ತಿತ್ತು. ಹಿಂದಿನ ವರ್ಷಗಳಲ್ಲಿ ಕಂಡುಬಂದ ವಿನ್ಯಾಸಗಳನ್ನೇ ಪುನರಾವರ್ತಿಸಲಾಗಿದೆ ಎಂದು ಪ್ರೇಕ್ಷಕರು ಅಭಿಪ್ರಾಯಪಟ್ಟರು. ರಾಜ್ಯ ಸರ್ಕಾರದ ಯೋಜನೆಗಳು, ಸ್ವಚ್ಛತಾ ಅಭಿಯಾನ, ಜಲ ಸಂರಕ್ಷಣೆ, ಪ್ಲಾಸ್ಟಿಕ್ ಮುಕ್ತ ಪರಿಸರ ಕುರಿತ ಸಂದೇಶ ಸಾರುವ ಸ್ತಬ್ಧಚಿತ್ರಗಳು ಗಮನ ಸೆಳೆದವು. ಪ್ರವಾಸೋದ್ಯಮ ಇಲಾಖೆಯ ಸ್ತಬ್ಧಚಿತ್ರ, ಅರಣ್ಯ ಇಲಾಖೆಯ ವನ್ಯಜೀವಿ ಸಂರಕ್ಷಣೆ ಕುರಿತ ಸ್ತಬ್ಧಚಿತ್ರ ಜನರ ಮೆಚ್ಚುಗೆಗೆ ಪಾತ್ರವಾದವು. ಮುಂದಿನ ವರ್ಷಗಳಲ್ಲಿ ಸ್ತಬ್ಧಚಿತ್ರಗಳ ಗುಣಮಟ್ಟ ಹೆಚ್ಚಿಸಲು ತಜ್ಞರ ಸಮಿತಿ ರಚಿಸಬೇಕು ಎಂಬುದು ಸಾರ್ವಜನಿಕರ ಅಭಿಪ್ರಾಯವಾಗಿದೆ. ದಸರಾ ಉಪ ಸಮಿತಿಗಳು ಈ ಬಗ್ಗೆ ಗಂಭೀರವಾಗಿ ಚಿಂತನೆ ನಡೆಸಬೇಕು ಎಂದು ಕಲಾಭಿಮಾನಿಗಳು ಒತ್ತಾಯಿಸಿದ್ದಾರೆ. ಜನರ ನಿರೀಕ್ಷೆಗೆ ತಕ್ಕಂತೆ ಸ್ತಬ್ಧಚಿತ್ರಗಳನ್ನು ರೂಪಿಸುವ ಜವಾಬ್ದಾರಿ ಸಂಬಂಧಪಟ್ಟ ಇಲಾಖೆಗಳ ಮೇಲಿದೆ.
